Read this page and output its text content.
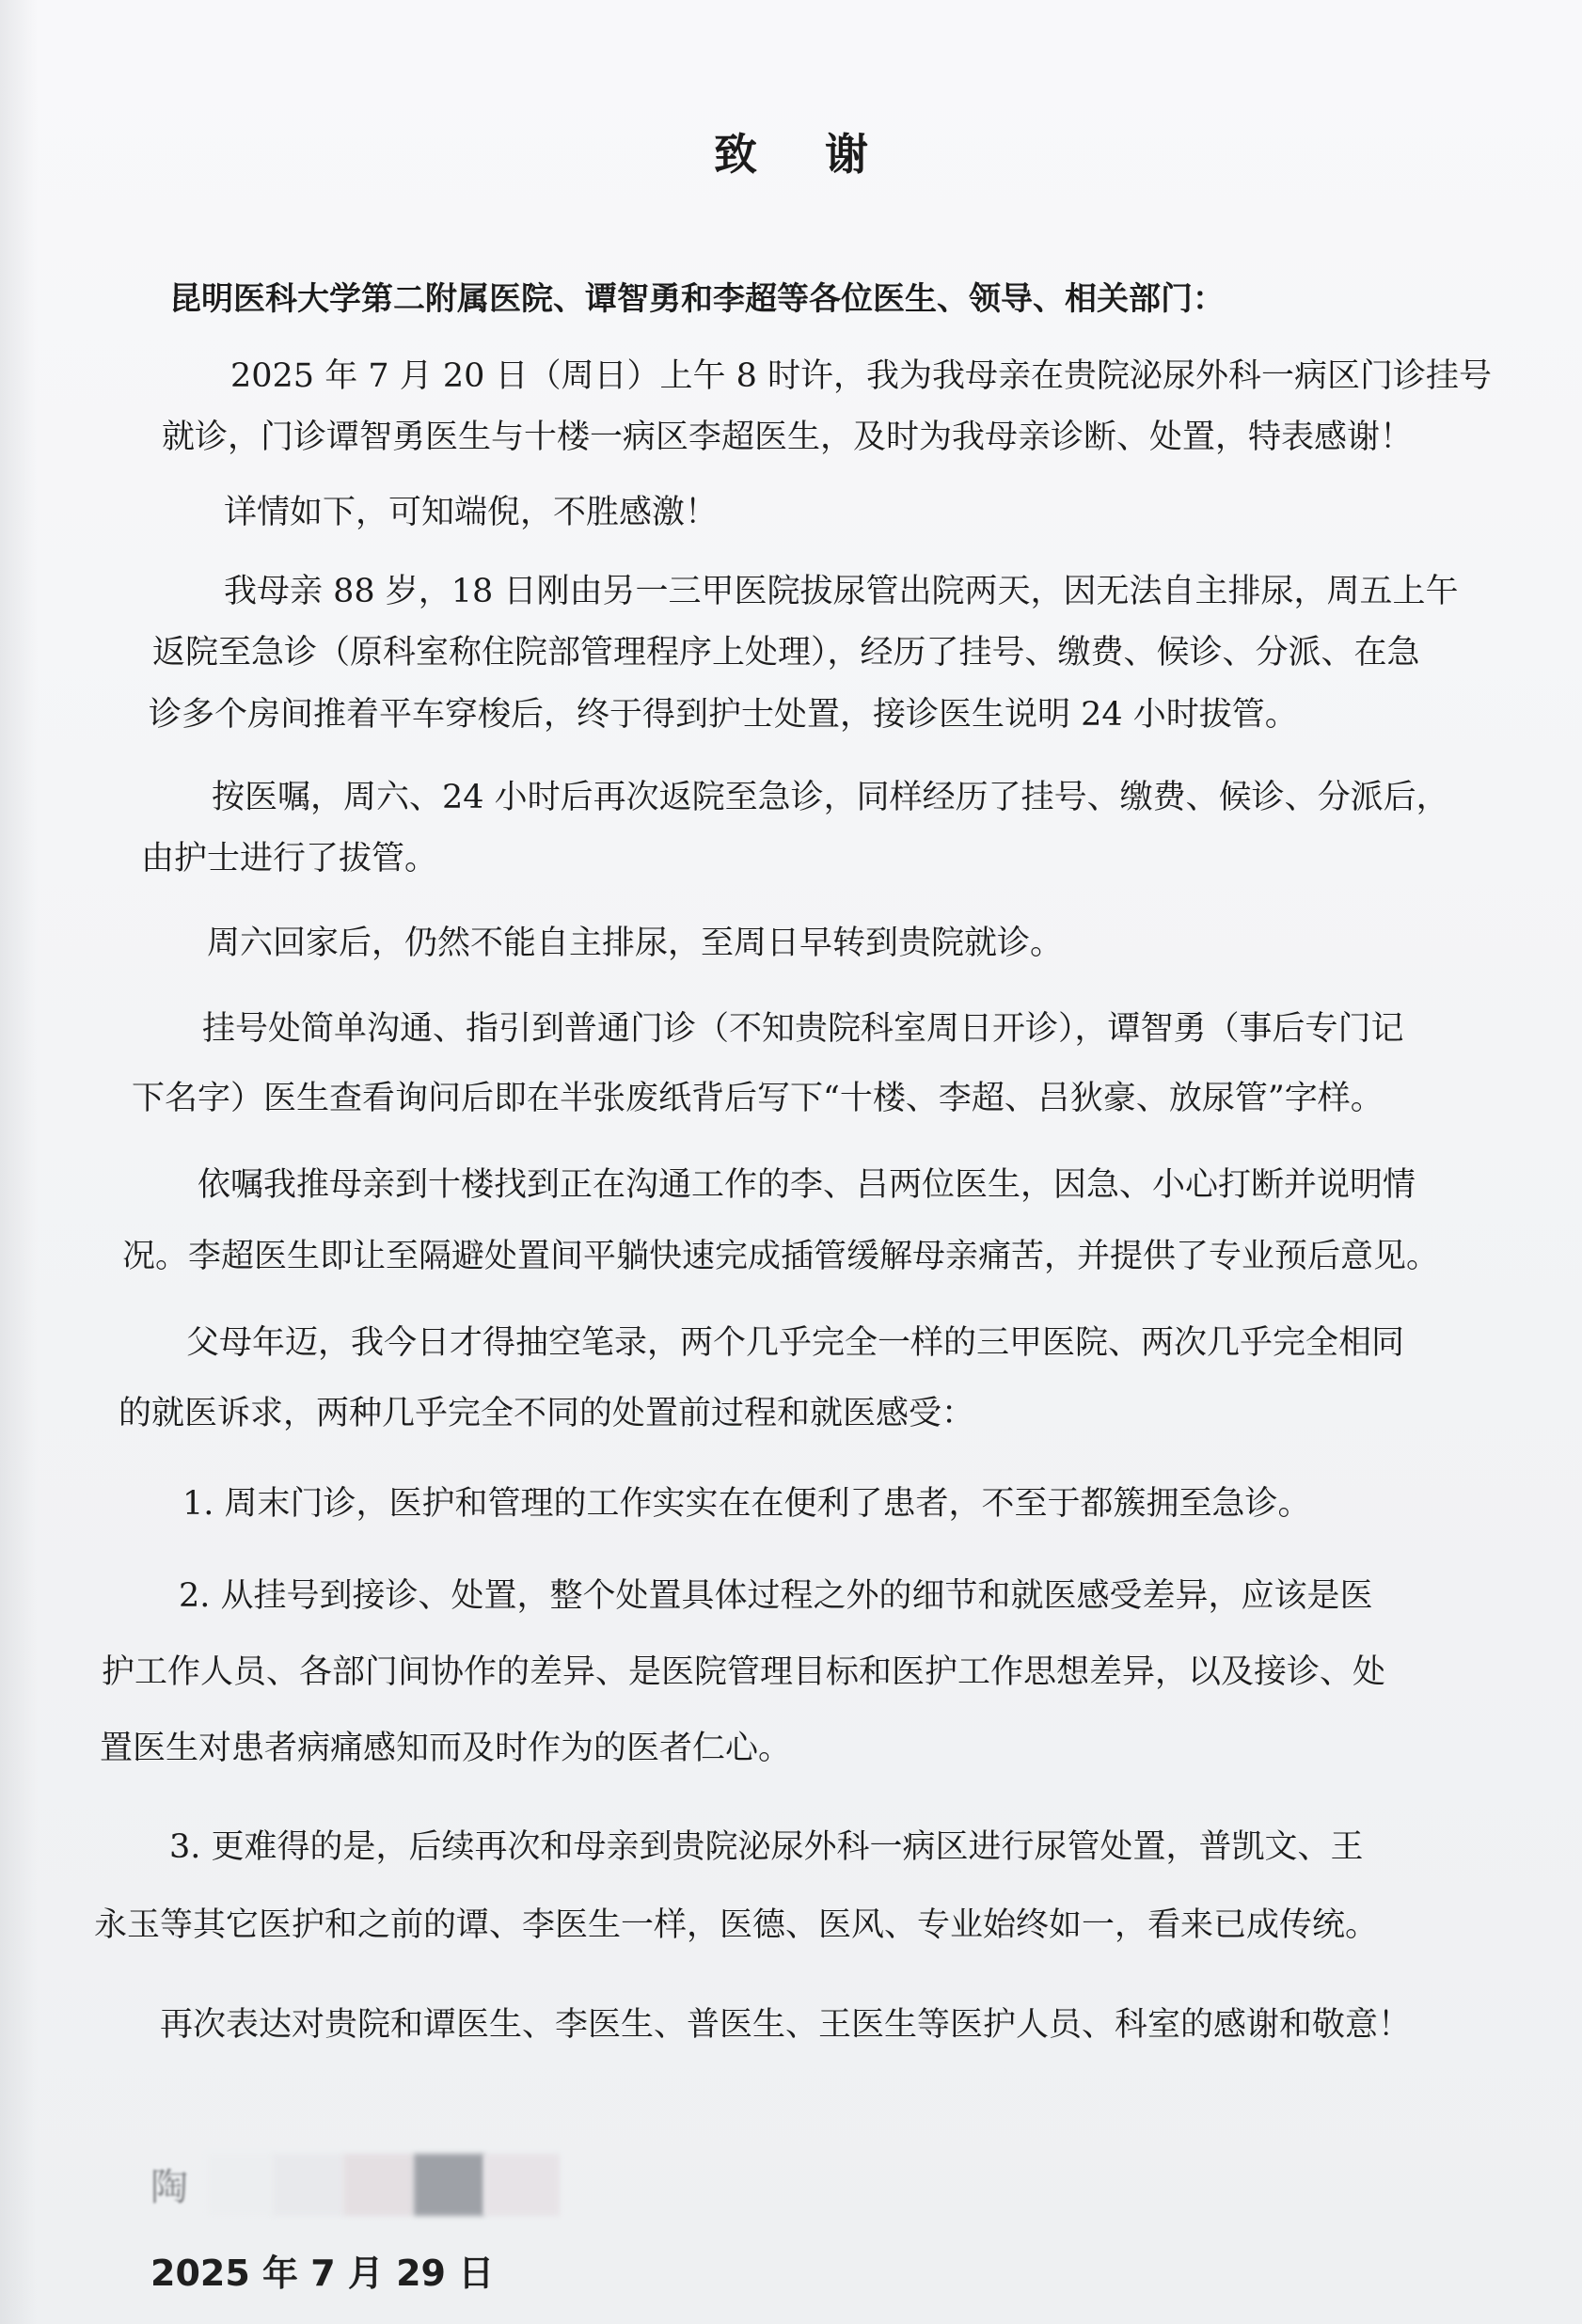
致谢
昆明医科大学第二附属医院、谭智勇和李超等各位医生、领导、相关部门：
2025 年 7 月 20 日（周日）上午 8 时许，我为我母亲在贵院泌尿外科一病区门诊挂号
就诊，门诊谭智勇医生与十楼一病区李超医生，及时为我母亲诊断、处置，特表感谢！
详情如下，可知端倪，不胜感激！
我母亲 88 岁，18 日刚由另一三甲医院拔尿管出院两天，因无法自主排尿，周五上午
返院至急诊（原科室称住院部管理程序上处理），经历了挂号、缴费、候诊、分派、在急
诊多个房间推着平车穿梭后，终于得到护士处置，接诊医生说明 24 小时拔管。
按医嘱，周六、24 小时后再次返院至急诊，同样经历了挂号、缴费、候诊、分派后，
由护士进行了拔管。
周六回家后，仍然不能自主排尿，至周日早转到贵院就诊。
挂号处简单沟通、指引到普通门诊（不知贵院科室周日开诊），谭智勇（事后专门记
下名字）医生查看询问后即在半张废纸背后写下“十楼、李超、吕狄豪、放尿管”字样。
依嘱我推母亲到十楼找到正在沟通工作的李、吕两位医生，因急、小心打断并说明情
况。李超医生即让至隔避处置间平躺快速完成插管缓解母亲痛苦，并提供了专业预后意见。
父母年迈，我今日才得抽空笔录，两个几乎完全一样的三甲医院、两次几乎完全相同
的就医诉求，两种几乎完全不同的处置前过程和就医感受：
1. 周末门诊，医护和管理的工作实实在在便利了患者，不至于都簇拥至急诊。
2. 从挂号到接诊、处置，整个处置具体过程之外的细节和就医感受差异，应该是医
护工作人员、各部门间协作的差异、是医院管理目标和医护工作思想差异，以及接诊、处
置医生对患者病痛感知而及时作为的医者仁心。
3. 更难得的是，后续再次和母亲到贵院泌尿外科一病区进行尿管处置，普凯文、王
永玉等其它医护和之前的谭、李医生一样，医德、医风、专业始终如一，看来已成传统。
再次表达对贵院和谭医生、李医生、普医生、王医生等医护人员、科室的感谢和敬意！
陶
2025 年 7 月 29 日
